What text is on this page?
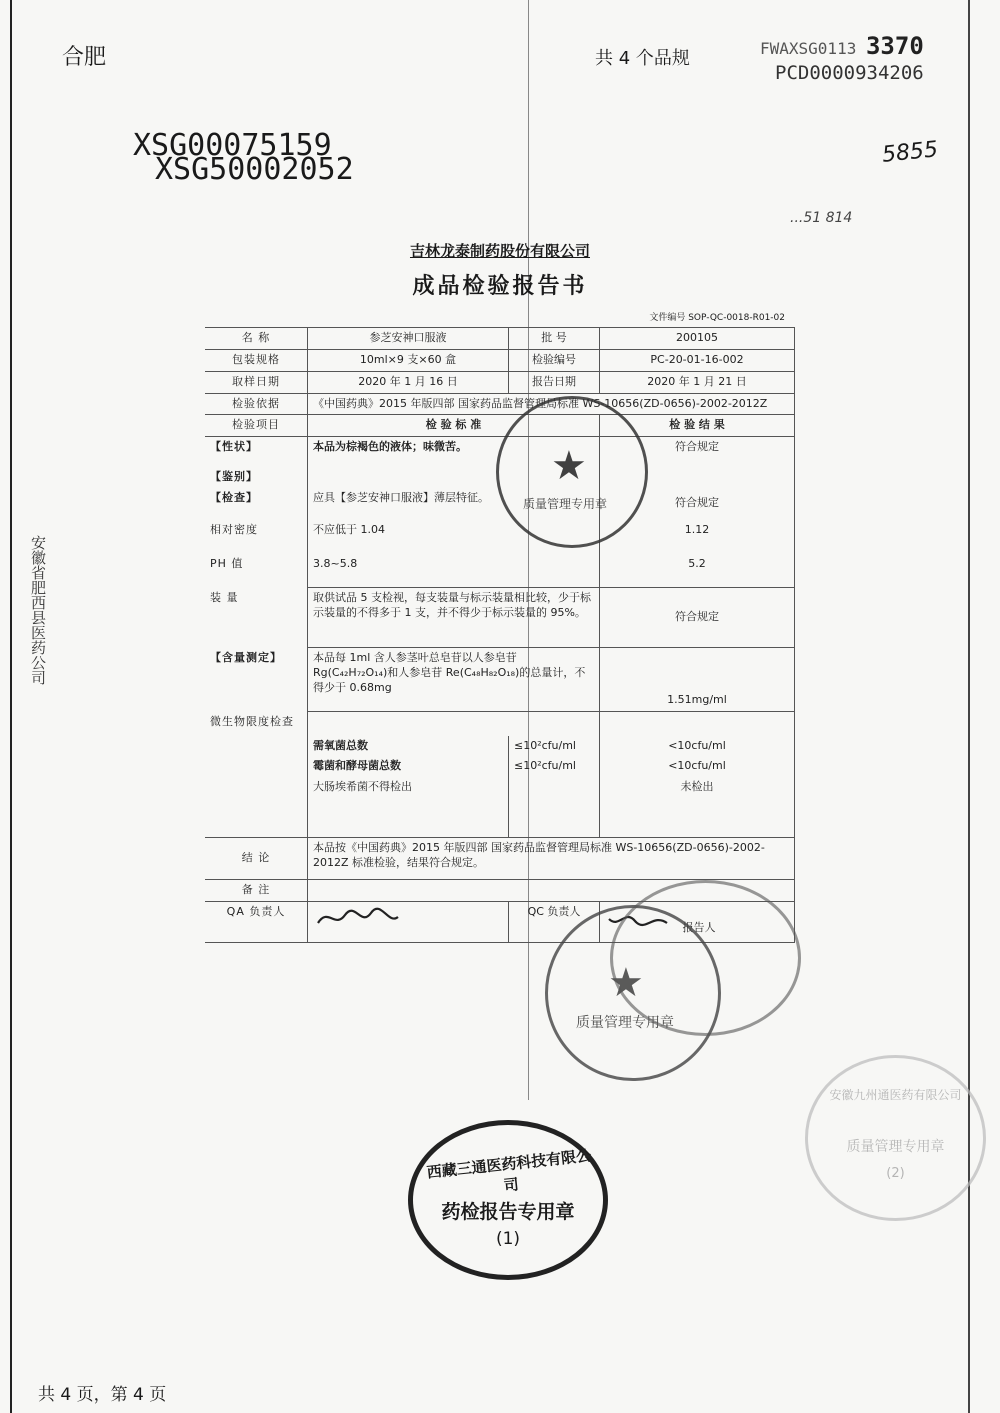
合肥	共 4 个品规	FWAXSG0113 3370
PCD0000934206
5855
...51 814
XSG00075159
XSG50002052
安徽省肥西县医药公司
吉林龙泰制药股份有限公司
成品检验报告书
文件编号 SOP-QC-0018-R01-02
名 称	参芝安神口服液	批 号	200105
包装规格	10ml×9 支×60 盒	检验编号	PC-20-01-16-002
取样日期	2020 年 1 月 16 日	报告日期	2020 年 1 月 21 日
检验依据	《中国药典》2015 年版四部 国家药品监督管理局标准 WS-10656(ZD-0656)-2002-2012Z		
检验项目	检 验 标 准		检 验 结 果
【性状】	本品为棕褐色的液体；味微苦。		符合规定
【鉴别】			
【检查】	应具【参芝安神口服液】薄层特征。		符合规定
相对密度	不应低于 1.04		1.12
PH 值	3.8~5.8		5.2
装 量	取供试品 5 支检视，每支装量与标示装量相比较，少于标示装量的不得多于 1 支，并不得少于标示装量的 95%。		符合规定
【含量测定】	本品每 1ml 含人参茎叶总皂苷以人参皂苷 Rg(C₄₂H₇₂O₁₄)和人参皂苷 Re(C₄₈H₈₂O₁₈)的总量计，不得少于 0.68mg		1.51mg/ml
微生物限度检查			
	需氧菌总数	≤10²cfu/ml	<10cfu/ml
	霉菌和酵母菌总数	≤10²cfu/ml	<10cfu/ml
	大肠埃希菌不得检出		未检出
结 论	本品按《中国药典》2015 年版四部 国家药品监督管理局标准 WS-10656(ZD-0656)-2002-2012Z 标准检验，结果符合规定。		
备 注			
QA 负责人		QC 负责人	报告人
★
质量管理专用章
★
质量管理专用章
西藏三通医药科技有限公司
药检报告专用章
(1)
安徽九州通医药有限公司
质量管理专用章
(2)
共 4 页，第 4 页
